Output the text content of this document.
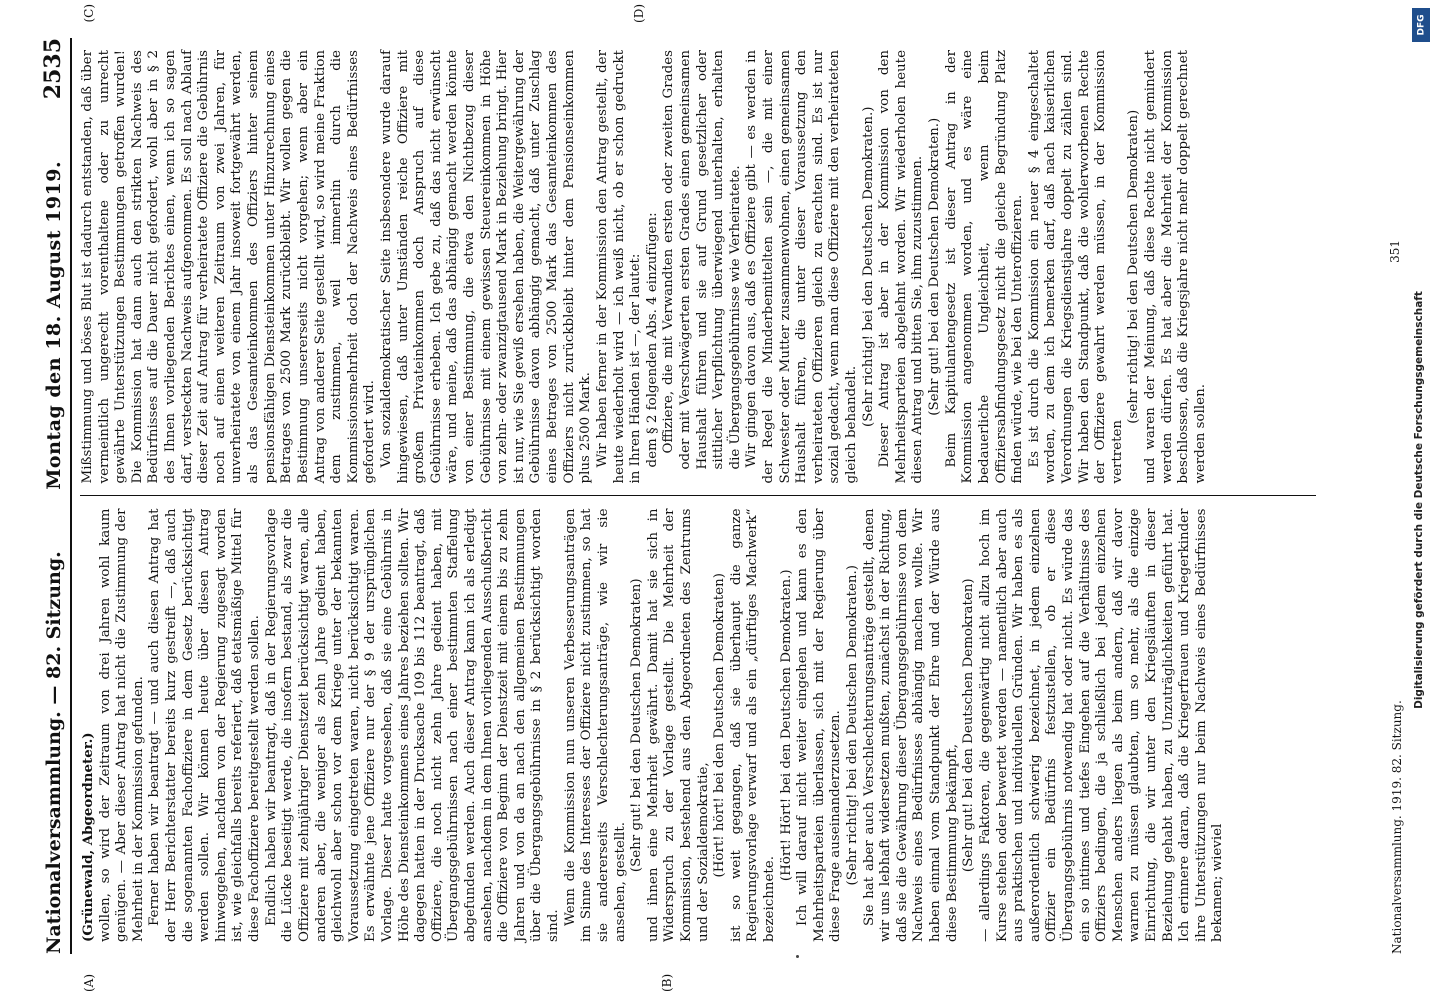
DFG
Digitalisierung gefördert durch die Deutsche Forschungsgemeinschaft
Nationalversammlung. — 82. Sitzung.
Montag den 18. August 1919.
2535
(A)	(B)

(Grünewald, Abgeordneter.) wollen, so wird der Zeitraum von drei Jahren wohl kaum genügen. — Aber dieser Antrag hat nicht die Zustimmung der Mehrheit in der Kommission gefunden. Ferner haben wir beantragt — und auch diesen Antrag hat der Herr Berichterstatter bereits kurz gestreift —, daß auch die sogenannten Fachoffiziere in dem Gesetz berücksichtigt werden sollen. Wir können heute über diesen Antrag hinweggehen, nachdem von der Regierung zugesagt worden ist, wie gleichfalls bereits referiert, daß etatsmäßige Mittel für diese Fachoffiziere bereitgestellt werden sollen. Endlich haben wir beantragt, daß in der Regierungsvorlage die Lücke beseitigt werde, die insofern bestand, als zwar die Offiziere mit zehnjähriger Dienstzeit berücksichtigt waren, alle anderen aber, die weniger als zehn Jahre gedient haben, gleichwohl aber schon vor dem Kriege unter der bekannten Voraussetzung eingetreten waren, nicht berücksichtigt waren. Es erwähnte jene Offiziere nur der § 9 der ursprünglichen Vorlage. Dieser hatte vorgesehen, daß sie eine Gebührnis in Höhe des Diensteinkommens eines Jahres beziehen sollten. Wir dagegen hatten in der Drucksache 109 bis 112 beantragt, daß Offiziere, die noch nicht zehn Jahre gedient haben, mit Übergangsgebührnissen nach einer bestimmten Staffelung abgefunden werden. Auch dieser Antrag kann ich als erledigt ansehen, nachdem in dem Ihnen vorliegenden Ausschußbericht die Offiziere von Beginn der Dienstzeit mit einem bis zu zehn Jahren und von da an nach den allgemeinen Bestimmungen über die Übergangsgebührnisse in § 2 berücksichtigt worden sind. Wenn die Kommission nun unseren Verbesserungsanträgen im Sinne des Interesses der Offiziere nicht zustimmen, so hat sie andererseits Verschlechterungsanträge, wie wir sie ansehen, gestellt.

(Sehr gut! bei den Deutschen Demokraten) und ihnen eine Mehrheit gewährt. Damit hat sie sich in Widerspruch zu der Vorlage gestellt. Die Mehrheit der Kommission, bestehend aus den Abgeordneten des Zentrums und der Sozialdemokratie, (Hört! hört! bei den Deutschen Demokraten) ist so weit gegangen, daß sie überhaupt die ganze Regierungsvorlage verwarf und als ein „dürftiges Machwerk“ bezeichnete.

(Hört! Hört! bei den Deutschen Demokraten.) Ich will darauf nicht weiter eingehen und kann es den Mehrheitsparteien überlassen, sich mit der Regierung über diese Frage auseinanderzusetzen. (Sehr richtig! bei den Deutschen Demokraten.) Sie hat aber auch Verschlechterungsanträge gestellt, denen wir uns lebhaft widersetzen mußten, zunächst in der Richtung, daß sie die Gewährung dieser Übergangsgebührnisse von dem Nachweis eines Bedürfnisses abhängig machen wollte. Wir haben einmal vom Standpunkt der Ehre und der Würde aus diese Bestimmung bekämpft, (Sehr gut! bei den Deutschen Demokraten) — allerdings Faktoren, die gegenwärtig nicht allzu hoch im Kurse stehen oder bewertet werden — namentlich aber auch aus praktischen und individuellen Gründen. Wir haben es als außerordentlich schwierig bezeichnet, in jedem einzelnen Offizier ein Bedürfnis festzustellen, ob er diese Übergangsgebührnis notwendig hat oder nicht. Es würde das ein so intimes und tiefes Eingehen auf die Verhältnisse des Offiziers bedingen, die ja schließlich bei jedem einzelnen Menschen anders liegen als beim andern, daß wir davor warnen zu müssen glaubten, um so mehr, als die einzige Einrichtung, die wir unter den Kriegsläuften in dieser Beziehung gehabt haben, zu Unzuträglichkeiten geführt hat. Ich erinnere daran, daß die Kriegerfrauen und Kriegerkinder ihre Unterstützungen nur beim Nachweis eines Bedürfnisses bekamen; wieviel

(C)	(D)

Mißstimmung und böses Blut ist dadurch entstanden, daß über vermeintlich ungerecht vorenthaltene oder zu unrecht gewährte Unterstützungen Bestimmungen getroffen wurden! Die Kommission hat dann auch den strikten Nachweis des Bedürfnisses auf die Dauer nicht gefordert, wohl aber in § 2 des Ihnen vorliegenden Berichtes einen, wenn ich so sagen darf, versteckten Nachweis aufgenommen. Es soll nach Ablauf dieser Zeit auf Antrag für verheiratete Offiziere die Gebührnis noch auf einen weiteren Zeitraum von zwei Jahren, für unverheiratete von einem Jahr insoweit fortgewährt werden, als das Gesamteinkommen des Offiziers hinter seinem pensionsfähigen Diensteinkommen unter Hinzurechnung eines Betrages von 2500 Mark zurückbleibt. Wir wollen gegen die Bestimmung unsererseits nicht vorgehen; wenn aber ein Antrag von anderer Seite gestellt wird, so wird meine Fraktion dem zustimmen, weil immerhin durch die Kommissionsmehrheit doch der Nachweis eines Bedürfnisses gefordert wird. Von sozialdemokratischer Seite insbesondere wurde darauf hingewiesen, daß unter Umständen reiche Offiziere mit großem Privateinkommen doch Anspruch auf diese Gebührnisse erheben. Ich gebe zu, daß das nicht erwünscht wäre, und meine, daß das abhängig gemacht werden könnte von einer Bestimmung, die etwa den Nichtbezug dieser Gebührnisse mit einem gewissen Steuereinkommen in Höhe von zehn- oder zwanzigtausend Mark in Beziehung bringt. Hier ist nur, wie Sie gewiß ersehen haben, die Weitergewährung der Gebührnisse davon abhängig gemacht, daß unter Zuschlag eines Betrages von 2500 Mark das Gesamteinkommen des Offiziers nicht zurückbleibt hinter dem Pensionseinkommen plus 2500 Mark. Wir haben ferner in der Kommission den Antrag gestellt, der heute wiederholt wird — ich weiß nicht, ob er schon gedruckt in Ihren Händen ist —, der lautet: dem § 2 folgenden Abs. 4 einzufügen: Offiziere, die mit Verwandten ersten oder zweiten Grades oder mit Verschwägerten ersten Grades einen gemeinsamen Haushalt führen und sie auf Grund gesetzlicher oder sittlicher Verpflichtung überwiegend unterhalten, erhalten die Übergangsgebührnisse wie Verheiratete. Wir gingen davon aus, daß es Offiziere gibt — es werden in der Regel die Minderbemittelten sein —, die mit einer Schwester oder Mutter zusammenwohnen, einen gemeinsamen Haushalt führen, die unter dieser Voraussetzung den verheirateten Offizieren gleich zu erachten sind. Es ist nur sozial gedacht, wenn man diese Offiziere mit den verheirateten gleich behandelt. (Sehr richtig! bei den Deutschen Demokraten.) Dieser Antrag ist aber in der Kommission von den Mehrheitsparteien abgelehnt worden. Wir wiederholen heute diesen Antrag und bitten Sie, ihm zuzustimmen. (Sehr gut! bei den Deutschen Demokraten.) Beim Kapitulantengesetz ist dieser Antrag in der Kommission angenommen worden, und es wäre eine bedauerliche Ungleichheit, wenn beim Offiziersabfindungsgesetz nicht die gleiche Begründung Platz finden würde, wie bei den Unteroffizieren. Es ist durch die Kommission ein neuer § 4 eingeschaltet worden, zu dem ich bemerken darf, daß nach kaiserlichen Verordnungen die Kriegsdienstjahre doppelt zu zählen sind. Wir haben den Standpunkt, daß die wohlerworbenen Rechte der Offiziere gewahrt werden müssen, in der Kommission vertreten

(sehr richtig! bei den Deutschen Demokraten) und waren der Meinung, daß diese Rechte nicht gemindert werden dürfen. Es hat aber die Mehrheit der Kommission beschlossen, daß die Kriegsjahre nicht mehr doppelt gerechnet werden sollen.

Nationalversammlung. 1919. 82. Sitzung.
351
